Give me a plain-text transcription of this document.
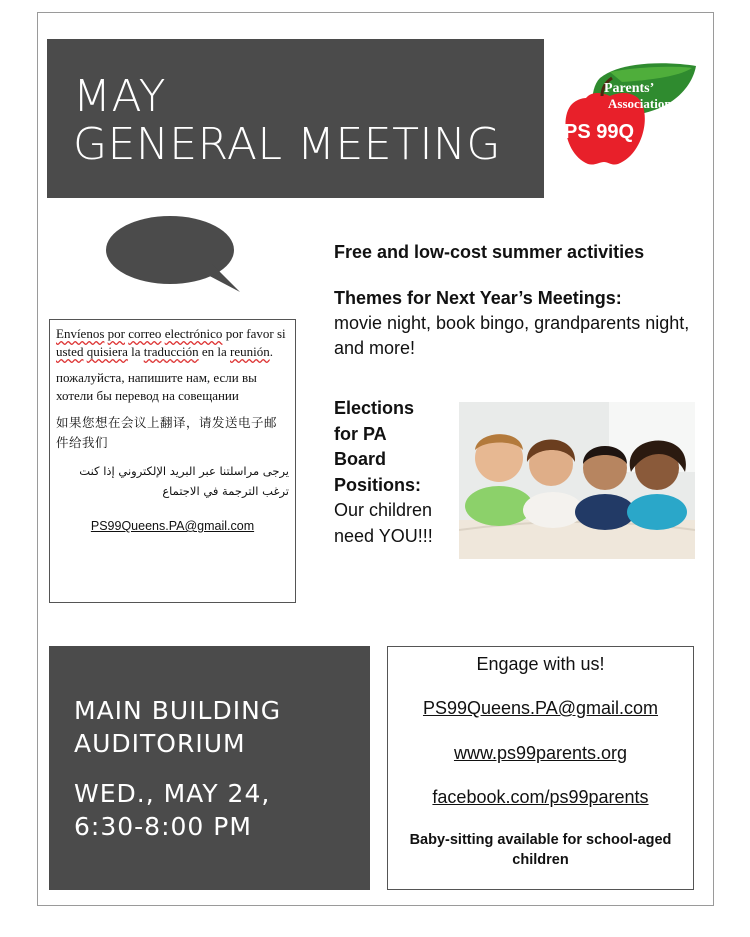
MAY
GENERAL MEETING
Parents’
Association
PS 99Q

Envíenos por correo electrónico por favor si usted quisiera la traducción en la reunión.

пожалуйста, напишите нам, если вы хотели бы перевод на совещании

如果您想在会议上翻译，请发送电子邮件给我们

يرجى مراسلتنا عبر البريد الإلكتروني إذا كنت ترغب الترجمة في الاجتماع

PS99Queens.PA@gmail.com

Free and low-cost summer activities

Themes for Next Year’s Meetings:
movie night, book bingo, grandparents night, and more!

Elections
for PA
Board
Positions:
Our children
need YOU!!!
MAIN BUILDING
AUDITORIUM
WED., MAY 24,
6:30-8:00 PM
Engage with us!
PS99Queens.PA@gmail.com
www.ps99parents.org
facebook.com/ps99parents
Baby-sitting available for school-aged children
